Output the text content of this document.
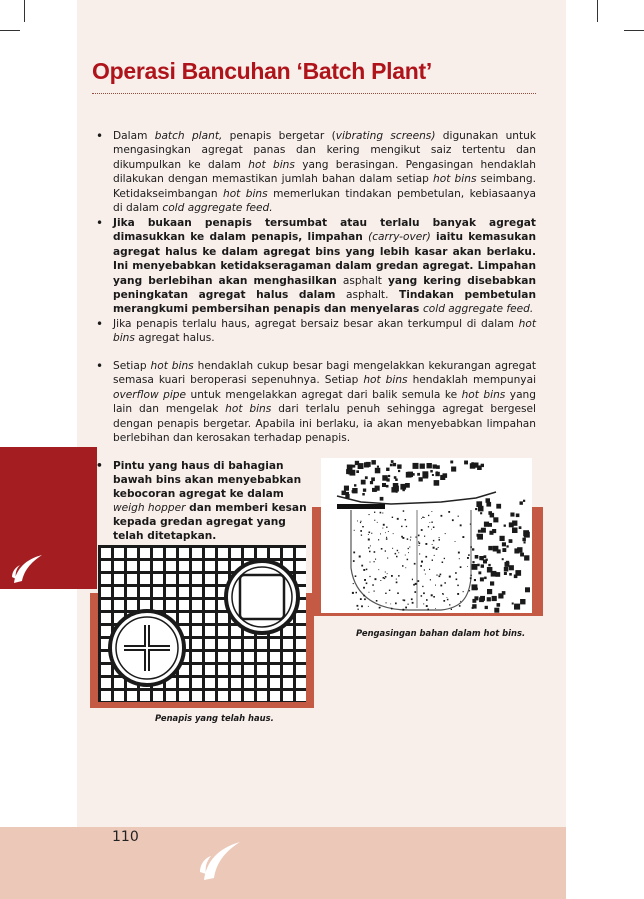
110
Operasi Bancuhan ‘Batch Plant’
• Dalam batch plant, penapis bergetar (vibrating screens) digunakan untuk mengasingkan agregat panas dan kering mengikut saiz tertentu dan dikumpulkan ke dalam hot bins yang berasingan. Pengasingan hendaklah dilakukan dengan memastikan jumlah bahan dalam setiap hot bins seimbang. Ketidakseimbangan hot bins memerlukan tindakan pembetulan, kebiasaanya di dalam cold aggregate feed.

• Jika bukaan penapis tersumbat atau terlalu banyak agregat dimasukkan ke dalam penapis, limpahan (carry-over) iaitu kemasukan agregat halus ke dalam agregat bins yang lebih kasar akan berlaku. Ini menyebabkan ketidakseragaman dalam gredan agregat. Limpahan yang berlebihan akan menghasilkan asphalt yang kering disebabkan peningkatan agregat halus dalam asphalt. Tindakan pembetulan merangkumi pembersihan penapis dan menyelaras cold aggregate feed.

• Jika penapis terlalu haus, agregat bersaiz besar akan terkumpul di dalam hot bins agregat halus.

• Setiap hot bins hendaklah cukup besar bagi mengelakkan kekurangan agregat semasa kuari beroperasi sepenuhnya. Setiap hot bins hendaklah mempunyai overflow pipe untuk mengelakkan agregat dari balik semula ke hot bins yang lain dan mengelak hot bins dari terlalu penuh sehingga agregat bergesel dengan penapis bergetar. Apabila ini berlaku, ia akan menyebabkan limpahan berlebihan dan kerosakan terhadap penapis.

• Pintu yang haus di bahagian bawah bins akan menyebabkan kebocoran agregat ke dalam weigh hopper dan memberi kesan kepada gredan agregat yang telah ditetapkan.

Pengasingan bahan dalam hot bins.
Penapis yang telah haus.
